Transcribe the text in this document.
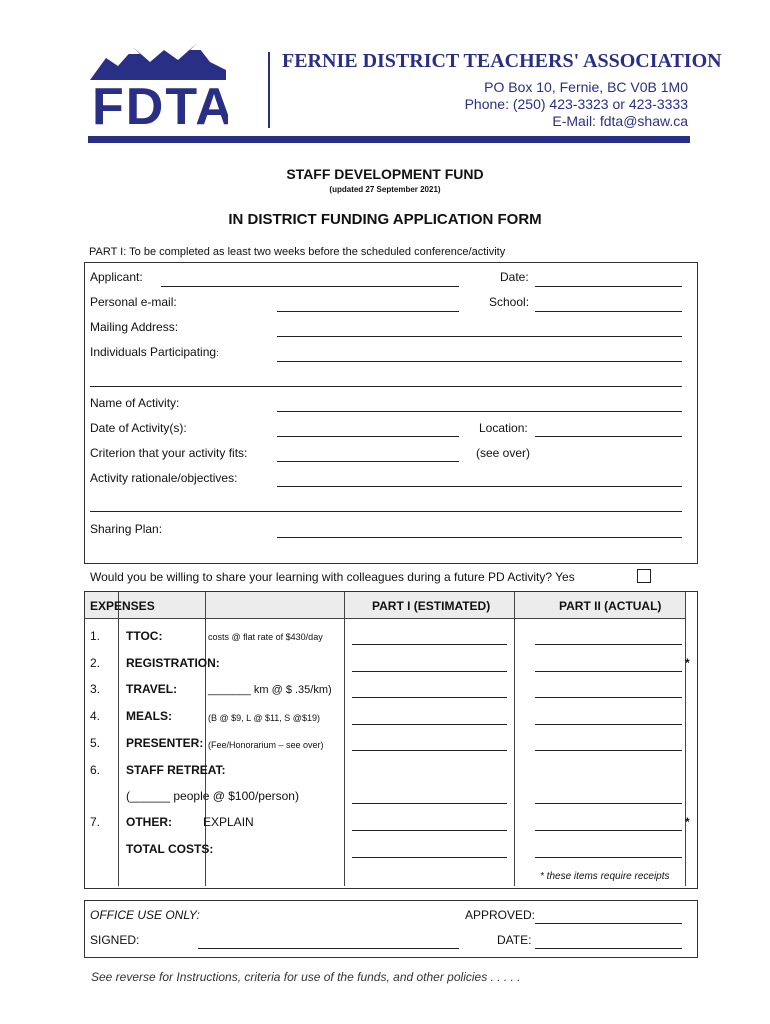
FDTA
FERNIE DISTRICT TEACHERS' ASSOCIATION
PO Box 10, Fernie, BC V0B 1M0
Phone: (250) 423-3323 or 423-3333
E-Mail: fdta@shaw.ca
STAFF DEVELOPMENT FUND
(updated 27 September 2021)
IN DISTRICT FUNDING APPLICATION FORM
PART I: To be completed as least two weeks before the scheduled conference/activity
Applicant:	Date:
Personal e-mail:	School:
Mailing Address:
Individuals Participating:
Name of Activity:
Date of Activity(s):	Location:
Criterion that your activity fits:	(see over)
Activity rationale/objectives:
Sharing Plan:
Would you be willing to share your learning with colleagues during a future PD Activity? Yes
EXPENSES	PART I (ESTIMATED)	PART II (ACTUAL)
1. TTOC:	costs @ flat rate of $430/day
2. REGISTRATION:	*
3. TRAVEL:	_______ km @ $ .35/km)
4. MEALS:	(B @ $9, L @ $11, S @$19)
5. PRESENTER: (Fee/Honorarium – see over)
6. STAFF RETREAT:
(______ people @ $100/person)
7. OTHER:	EXPLAIN	*
TOTAL COSTS:
* these items require receipts
OFFICE USE ONLY:	APPROVED:
SIGNED:	DATE:
See reverse for Instructions, criteria for use of the funds, and other policies . . . . .
